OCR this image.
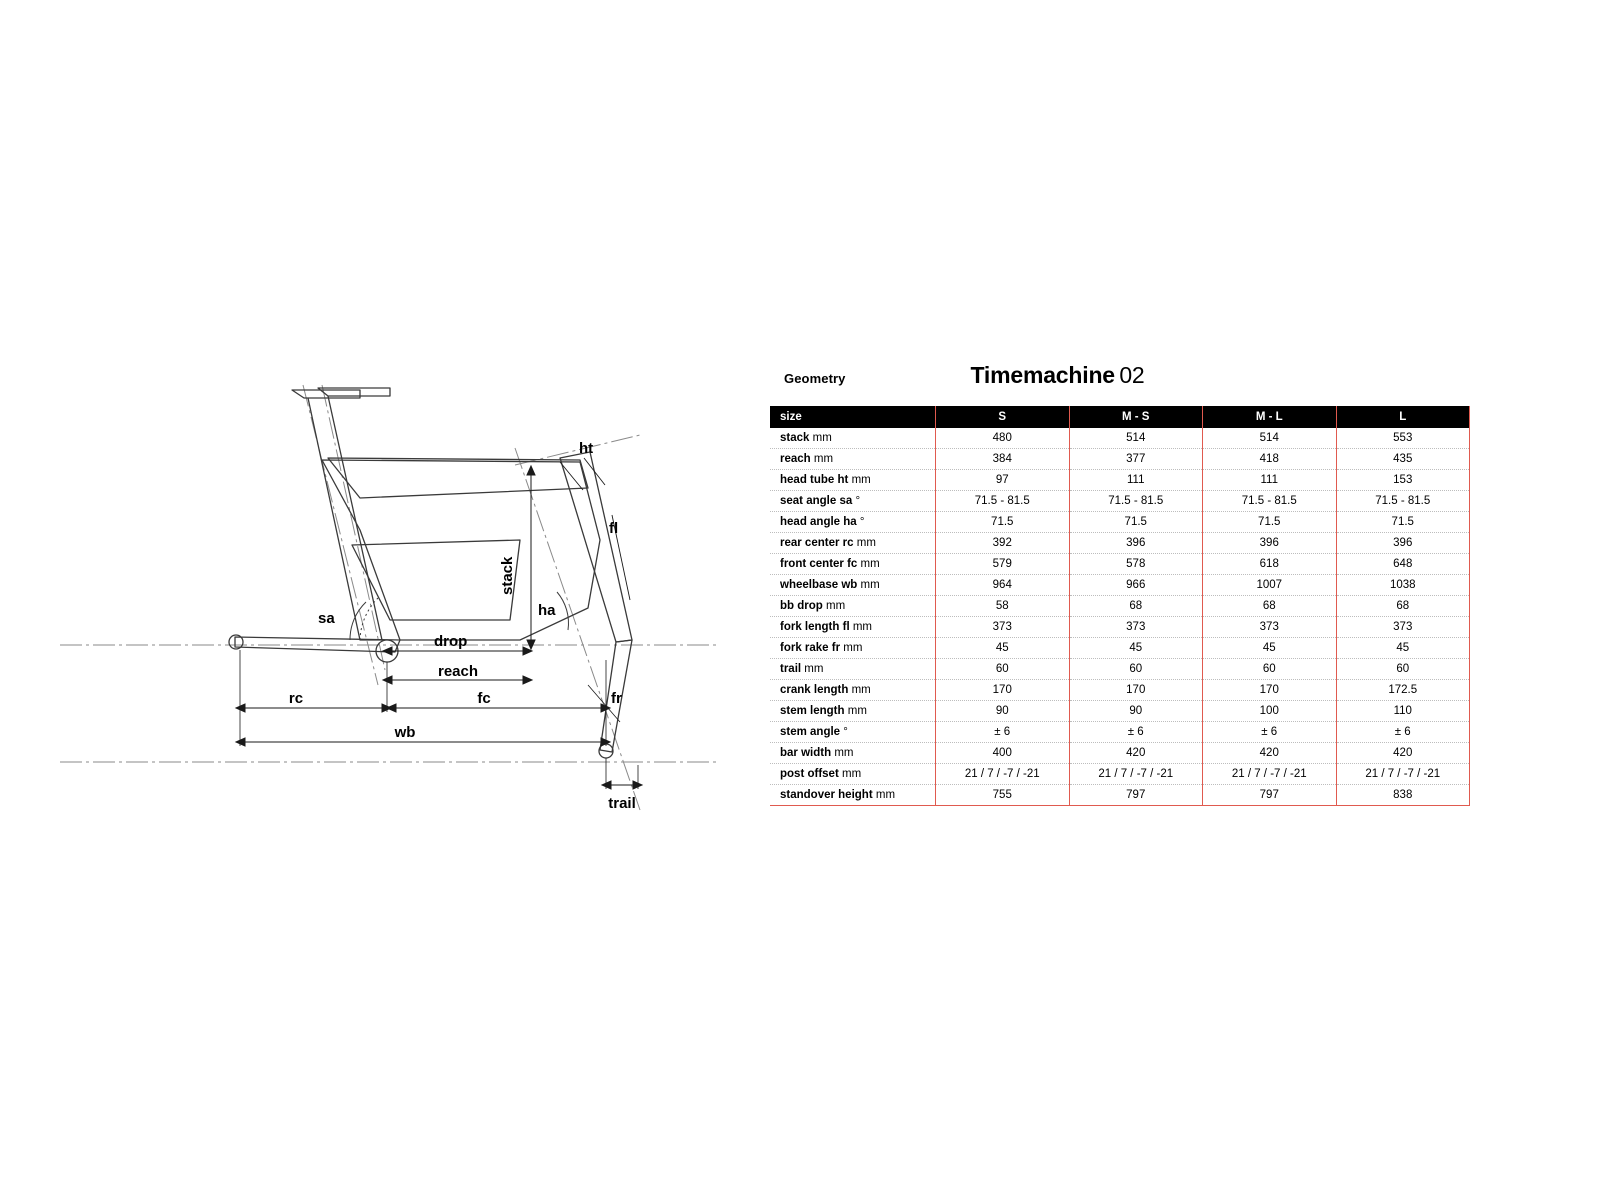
ht
fl
stack
ha
sa
drop
reach
rc	fc	fr
wb
trail
Geometry	Timemachine 02
size	S	M - S	M - L	L
stack mm	480	514	514	553
reach mm	384	377	418	435
head tube ht mm	97	111	111	153
seat angle sa °	71.5 - 81.5	71.5 - 81.5	71.5 - 81.5	71.5 - 81.5
head angle ha °	71.5	71.5	71.5	71.5
rear center rc mm	392	396	396	396
front center fc mm	579	578	618	648
wheelbase wb mm	964	966	1007	1038
bb drop mm	58	68	68	68
fork length fl mm	373	373	373	373
fork rake fr mm	45	45	45	45
trail mm	60	60	60	60
crank length mm	170	170	170	172.5
stem length mm	90	90	100	110
stem angle °	± 6	± 6	± 6	± 6
bar width mm	400	420	420	420
post offset mm	21 / 7 / -7 / -21	21 / 7 / -7 / -21	21 / 7 / -7 / -21	21 / 7 / -7 / -21
standover height mm	755	797	797	838
